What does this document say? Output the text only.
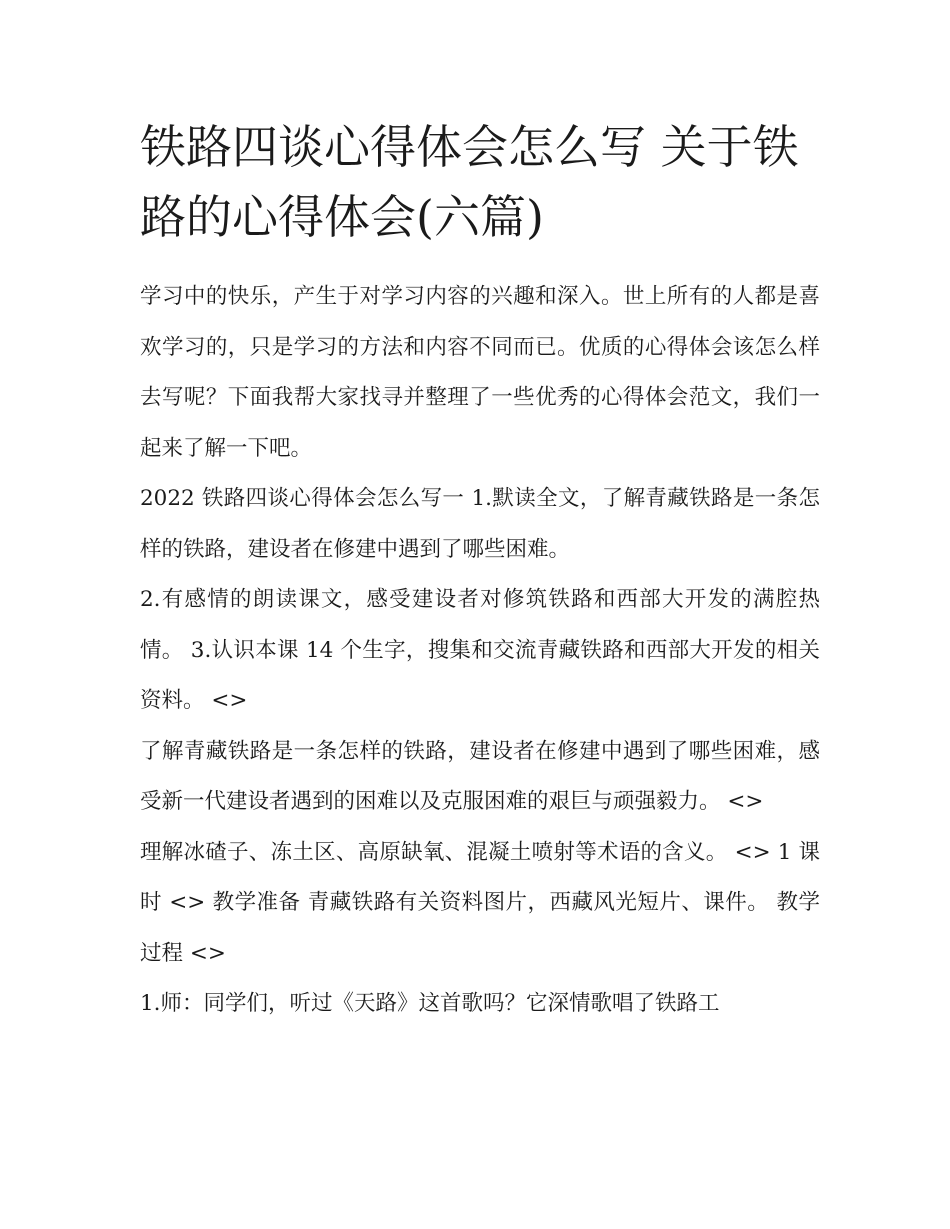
铁路四谈心得体会怎么写 关于铁路的心得体会(六篇)

学习中的快乐，产生于对学习内容的兴趣和深入。世上所有的人都是喜欢学习的，只是学习的方法和内容不同而已。优质的心得体会该怎么样去写呢？下面我帮大家找寻并整理了一些优秀的心得体会范文，我们一起来了解一下吧。

2022 铁路四谈心得体会怎么写一 1.默读全文，了解青藏铁路是一条怎样的铁路，建设者在修建中遇到了哪些困难。

2.有感情的朗读课文，感受建设者对修筑铁路和西部大开发的满腔热情。 3.认识本课 14 个生字，搜集和交流青藏铁路和西部大开发的相关资料。 <>

了解青藏铁路是一条怎样的铁路，建设者在修建中遇到了哪些困难，感受新一代建设者遇到的困难以及克服困难的艰巨与顽强毅力。 <>

理解冰碴子、冻土区、高原缺氧、混凝土喷射等术语的含义。 <> 1 课时 <> 教学准备 青藏铁路有关资料图片，西藏风光短片、课件。 教学过程 <>

1.师：同学们，听过《天路》这首歌吗？它深情歌唱了铁路工
